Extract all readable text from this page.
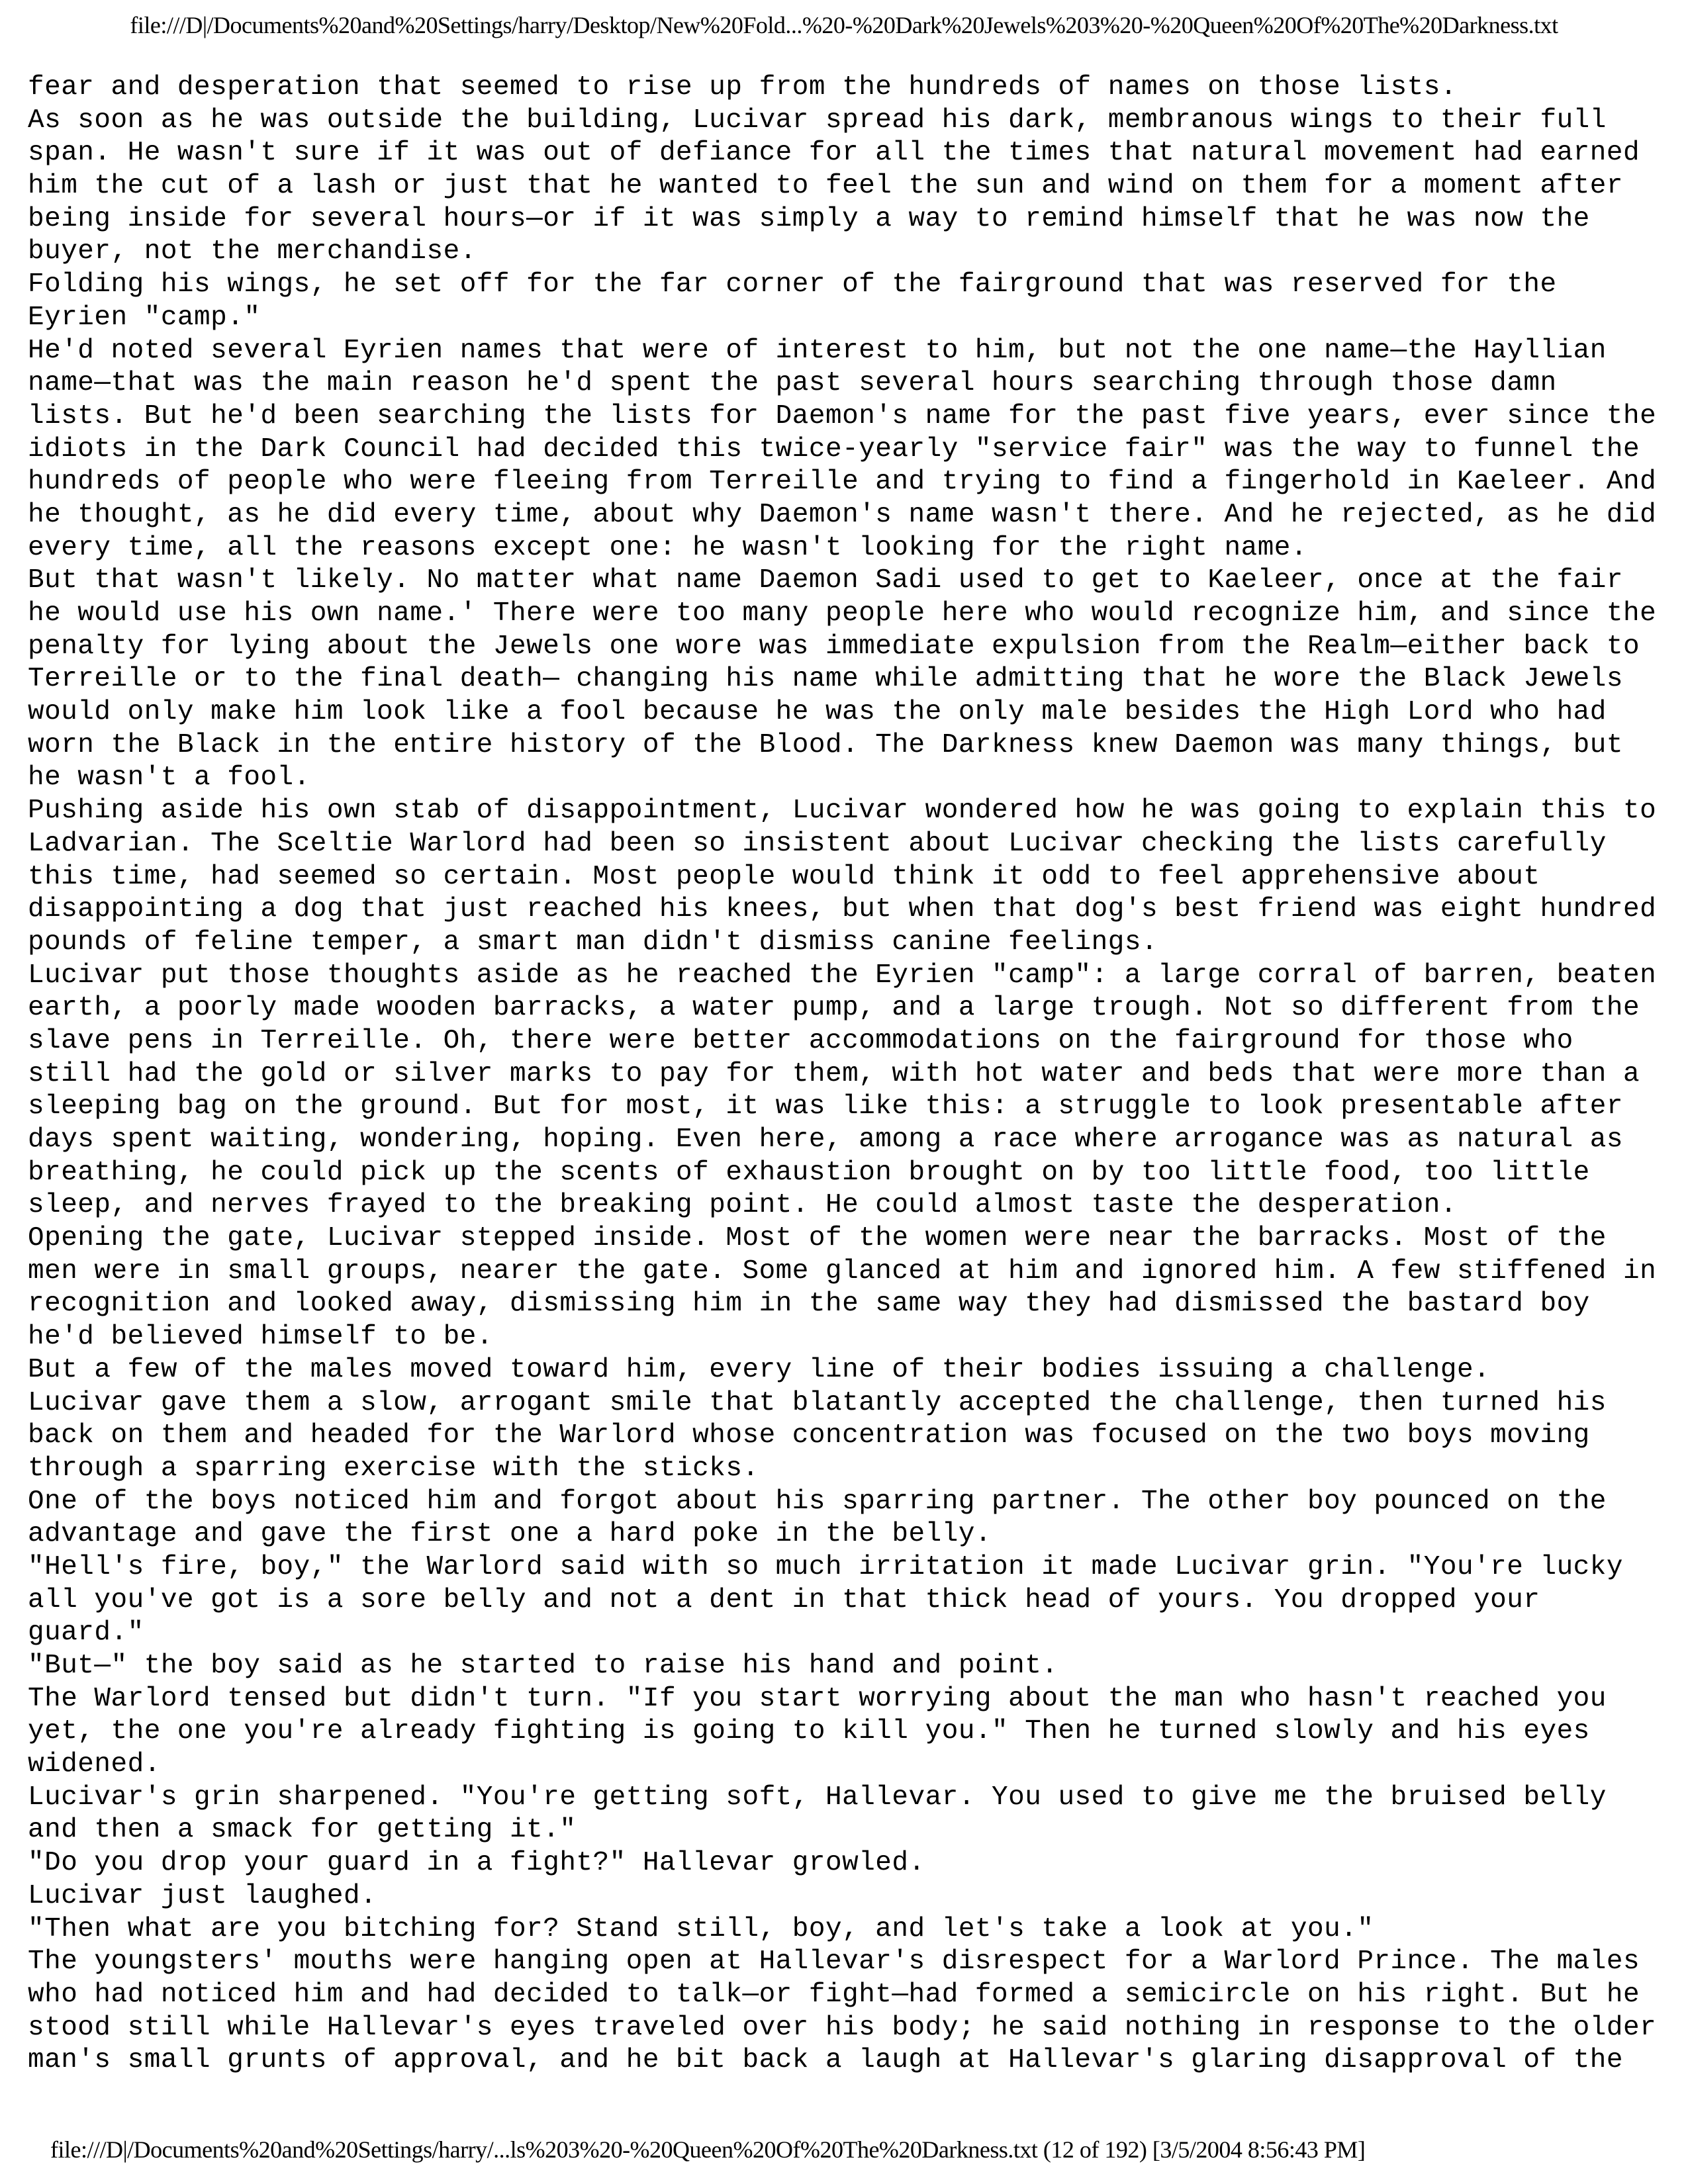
file:///D|/Documents%20and%20Settings/harry/Desktop/New%20Fold...%20-%20Dark%20Jewels%203%20-%20Queen%20Of%20The%20Darkness.txt
fear and desperation that seemed to rise up from the hundreds of names on those lists.
As soon as he was outside the building, Lucivar spread his dark, membranous wings to their full
span. He wasn't sure if it was out of defiance for all the times that natural movement had earned
him the cut of a lash or just that he wanted to feel the sun and wind on them for a moment after
being inside for several hours—or if it was simply a way to remind himself that he was now the
buyer, not the merchandise.
Folding his wings, he set off for the far corner of the fairground that was reserved for the
Eyrien "camp."
He'd noted several Eyrien names that were of interest to him, but not the one name—the Hayllian
name—that was the main reason he'd spent the past several hours searching through those damn
lists. But he'd been searching the lists for Daemon's name for the past five years, ever since the
idiots in the Dark Council had decided this twice-yearly "service fair" was the way to funnel the
hundreds of people who were fleeing from Terreille and trying to find a fingerhold in Kaeleer. And
he thought, as he did every time, about why Daemon's name wasn't there. And he rejected, as he did
every time, all the reasons except one: he wasn't looking for the right name.
But that wasn't likely. No matter what name Daemon Sadi used to get to Kaeleer, once at the fair
he would use his own name.' There were too many people here who would recognize him, and since the
penalty for lying about the Jewels one wore was immediate expulsion from the Realm—either back to
Terreille or to the final death— changing his name while admitting that he wore the Black Jewels
would only make him look like a fool because he was the only male besides the High Lord who had
worn the Black in the entire history of the Blood. The Darkness knew Daemon was many things, but
he wasn't a fool.
Pushing aside his own stab of disappointment, Lucivar wondered how he was going to explain this to
Ladvarian. The Sceltie Warlord had been so insistent about Lucivar checking the lists carefully
this time, had seemed so certain. Most people would think it odd to feel apprehensive about
disappointing a dog that just reached his knees, but when that dog's best friend was eight hundred
pounds of feline temper, a smart man didn't dismiss canine feelings.
Lucivar put those thoughts aside as he reached the Eyrien "camp": a large corral of barren, beaten
earth, a poorly made wooden barracks, a water pump, and a large trough. Not so different from the
slave pens in Terreille. Oh, there were better accommodations on the fairground for those who
still had the gold or silver marks to pay for them, with hot water and beds that were more than a
sleeping bag on the ground. But for most, it was like this: a struggle to look presentable after
days spent waiting, wondering, hoping. Even here, among a race where arrogance was as natural as
breathing, he could pick up the scents of exhaustion brought on by too little food, too little
sleep, and nerves frayed to the breaking point. He could almost taste the desperation.
Opening the gate, Lucivar stepped inside. Most of the women were near the barracks. Most of the
men were in small groups, nearer the gate. Some glanced at him and ignored him. A few stiffened in
recognition and looked away, dismissing him in the same way they had dismissed the bastard boy
he'd believed himself to be.
But a few of the males moved toward him, every line of their bodies issuing a challenge.
Lucivar gave them a slow, arrogant smile that blatantly accepted the challenge, then turned his
back on them and headed for the Warlord whose concentration was focused on the two boys moving
through a sparring exercise with the sticks.
One of the boys noticed him and forgot about his sparring partner. The other boy pounced on the
advantage and gave the first one a hard poke in the belly.
"Hell's fire, boy," the Warlord said with so much irritation it made Lucivar grin. "You're lucky
all you've got is a sore belly and not a dent in that thick head of yours. You dropped your
guard."
"But—" the boy said as he started to raise his hand and point.
The Warlord tensed but didn't turn. "If you start worrying about the man who hasn't reached you
yet, the one you're already fighting is going to kill you." Then he turned slowly and his eyes
widened.
Lucivar's grin sharpened. "You're getting soft, Hallevar. You used to give me the bruised belly
and then a smack for getting it."
"Do you drop your guard in a fight?" Hallevar growled.
Lucivar just laughed.
"Then what are you bitching for? Stand still, boy, and let's take a look at you."
The youngsters' mouths were hanging open at Hallevar's disrespect for a Warlord Prince. The males
who had noticed him and had decided to talk—or fight—had formed a semicircle on his right. But he
stood still while Hallevar's eyes traveled over his body; he said nothing in response to the older
man's small grunts of approval, and he bit back a laugh at Hallevar's glaring disapproval of the
file:///D|/Documents%20and%20Settings/harry/...ls%203%20-%20Queen%20Of%20The%20Darkness.txt (12 of 192) [3/5/2004 8:56:43 PM]
